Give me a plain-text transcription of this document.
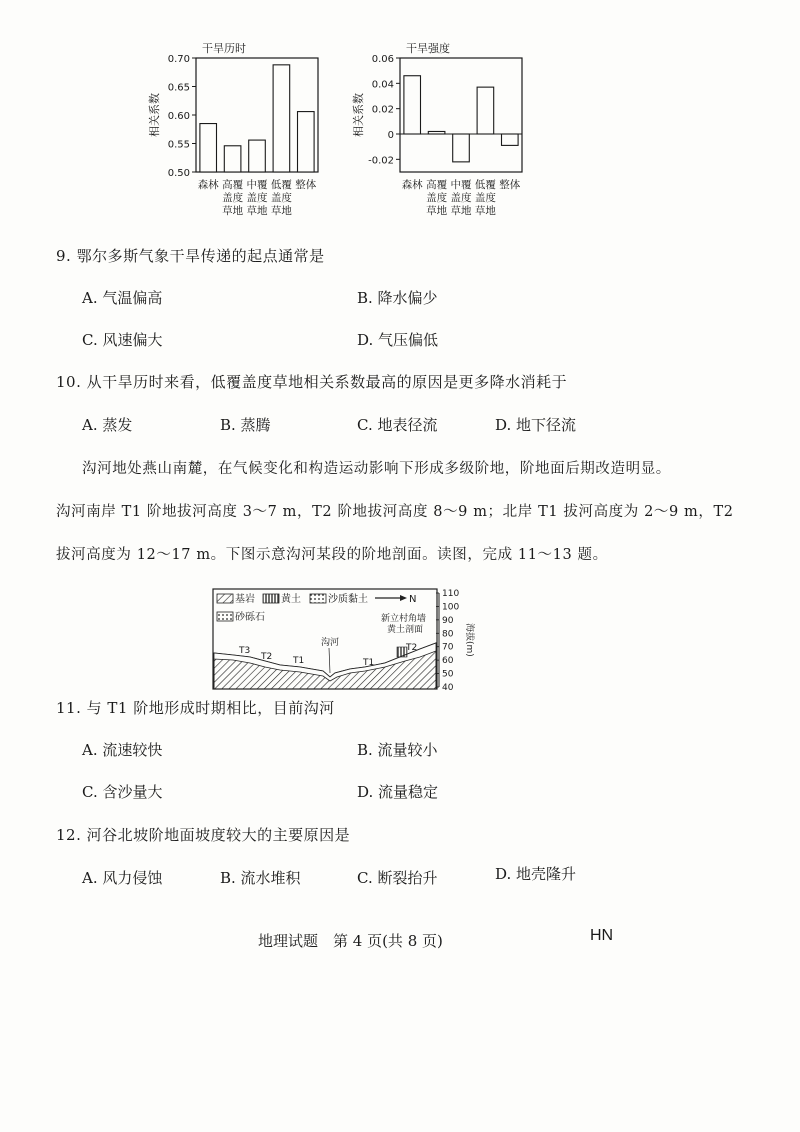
干旱历时
相关系数
0.70
0.65
0.60
0.55
0.50
森林 高覆 中覆 低覆 整体
盖度 盖度 盖度
草地 草地 草地
干旱强度
相关系数
0.06
0.04
0.02
0
-0.02
森林 高覆 中覆 低覆 整体
盖度 盖度 盖度
草地 草地 草地
9. 鄂尔多斯气象干旱传递的起点通常是
A. 气温偏高	B. 降水偏少
C. 风速偏大	D. 气压偏低
10. 从干旱历时来看，低覆盖度草地相关系数最高的原因是更多降水消耗于
A. 蒸发	B. 蒸腾	C. 地表径流	D. 地下径流
沟河地处燕山南麓，在气候变化和构造运动影响下形成多级阶地，阶地面后期改造明显。
沟河南岸 T1 阶地拔河高度 3～7 m，T2 阶地拔河高度 8～9 m；北岸 T1 拔河高度为 2～9 m，T2
拔河高度为 12～17 m。下图示意沟河某段的阶地剖面。读图，完成 11～13 题。
基岩	黄土	沙质黏土	N
砂砾石
T3
T2 T1
沟河
T1
T2
新立村角墙
黄土剖面
110
100
90
80
70
60
50
40
海拔(m)
11. 与 T1 阶地形成时期相比，目前沟河
A. 流速较快	B. 流量较小
C. 含沙量大	D. 流量稳定
12. 河谷北坡阶地面坡度较大的主要原因是
A. 风力侵蚀	B. 流水堆积	C. 断裂抬升	D. 地壳隆升
地理试题　第 4 页(共 8 页)	HN
